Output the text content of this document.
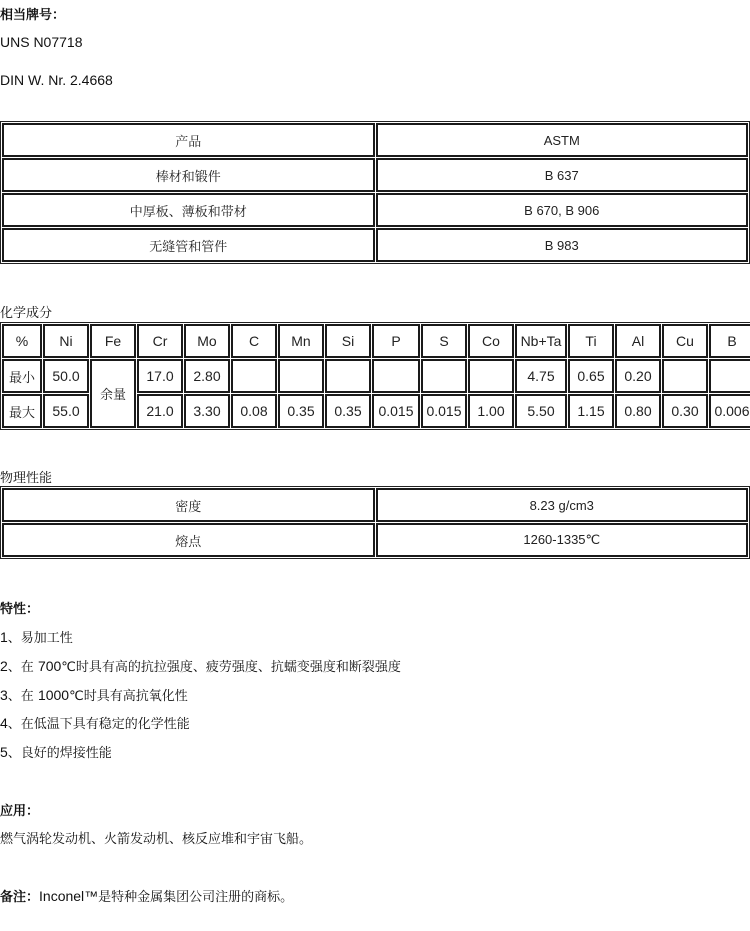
相当牌号：
UNS N07718
DIN W. Nr. 2.4668
产品	ASTM
棒材和锻件	B 637
中厚板、薄板和带材	B 670, B 906
无缝管和管件	B 983
化学成分
%	Ni	Fe	Cr	Mo	C	Mn	Si	P	S	Co	Nb+Ta	Ti	Al	Cu	B
最小	50.0	余量	17.0	2.80							4.75	0.65	0.20		
最大	55.0		21.0	3.30	0.08	0.35	0.35	0.015	0.015	1.00	5.50	1.15	0.80	0.30	0.006
物理性能
密度	8.23 g/cm3
熔点	1260-1335℃
特性：
1、易加工性
2、在 700℃时具有高的抗拉强度、疲劳强度、抗蠕变强度和断裂强度
3、在 1000℃时具有高抗氧化性
4、在低温下具有稳定的化学性能
5、良好的焊接性能
应用：
燃气涡轮发动机、火箭发动机、核反应堆和宇宙飞船。
备注：Inconel™是特种金属集团公司注册的商标。
